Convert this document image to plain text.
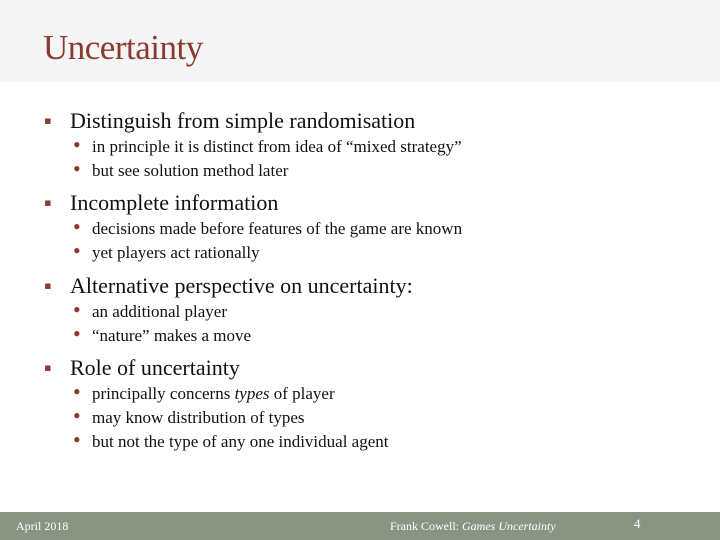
Uncertainty
▪ Distinguish from simple randomisation
• in principle it is distinct from idea of “mixed strategy”
• but see solution method later
▪ Incomplete information
• decisions made before features of the game are known
• yet players act rationally
▪ Alternative perspective on uncertainty:
• an additional player
• “nature” makes a move
▪ Role of uncertainty
• principally concerns types of player
• may know distribution of types
• but not the type of any one individual agent
April 2018	Frank Cowell: Games Uncertainty	4
